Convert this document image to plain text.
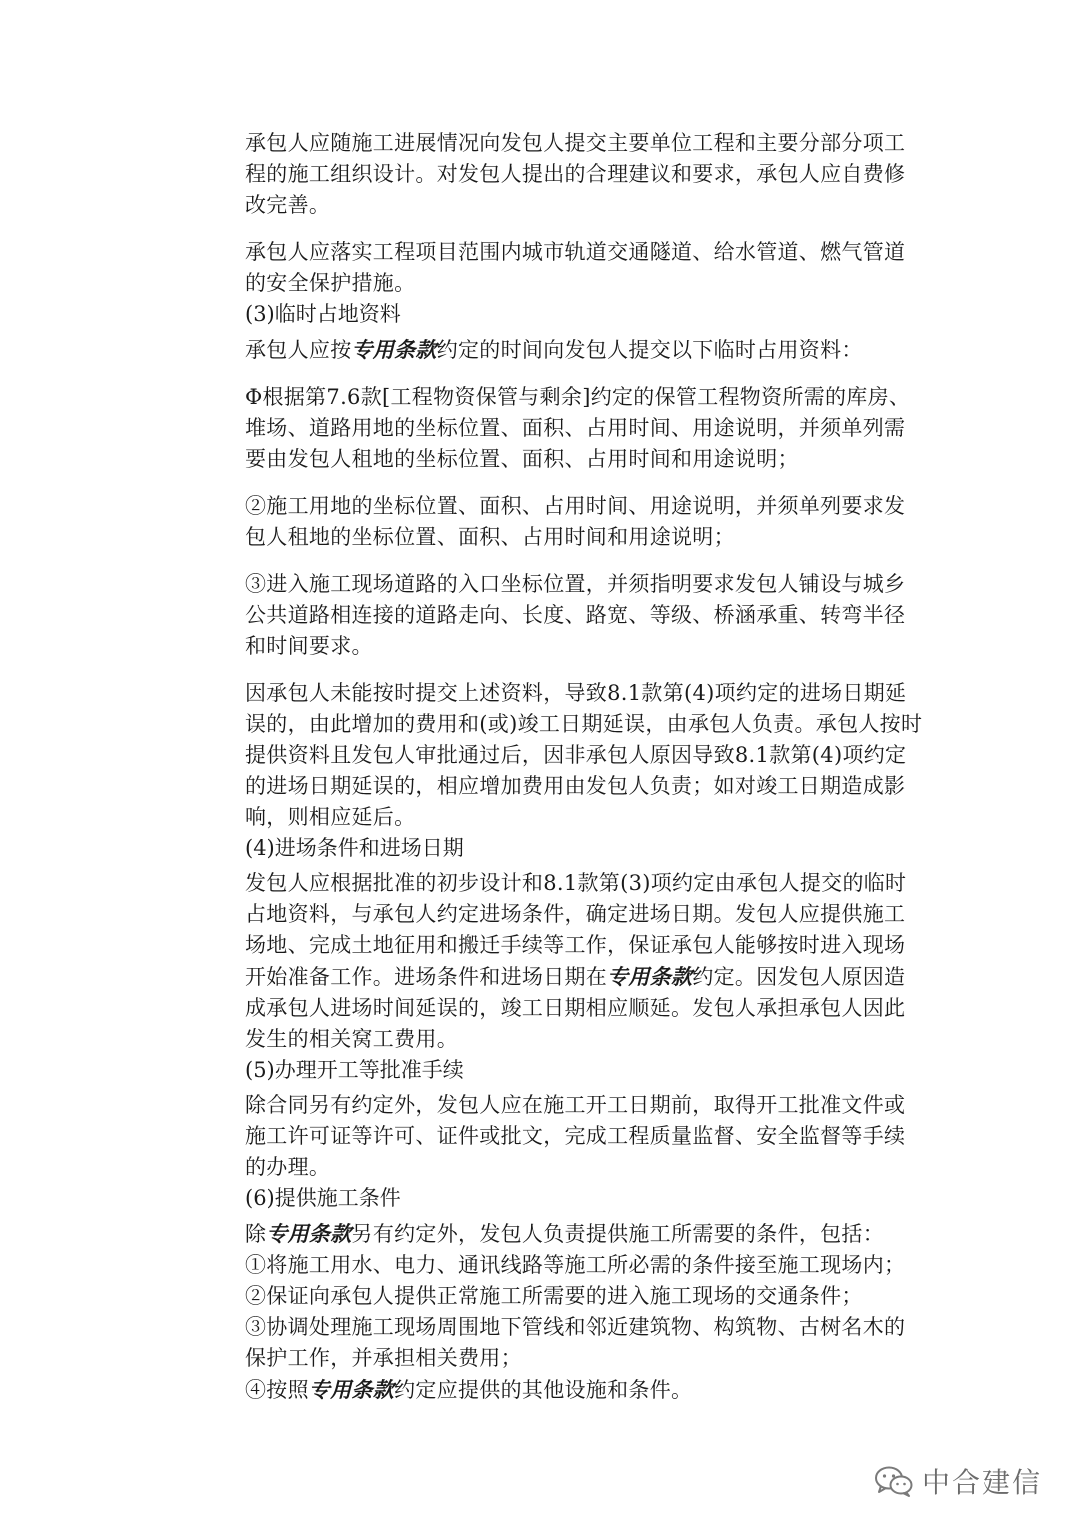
承包人应随施工进展情况向发包人提交主要单位工程和主要分部分项工程的施工组织设计。对发包人提出的合理建议和要求，承包人应自费修改完善。

承包人应落实工程项目范围内城市轨道交通隧道、给水管道、燃气管道的安全保护措施。

(3)临时占地资料

承包人应按专用条款约定的时间向发包人提交以下临时占用资料：

Φ根据第7.6款[工程物资保管与剩余]约定的保管工程物资所需的库房、堆场、道路用地的坐标位置、面积、占用时间、用途说明，并须单列需要由发包人租地的坐标位置、面积、占用时间和用途说明；

②施工用地的坐标位置、面积、占用时间、用途说明，并须单列要求发包人租地的坐标位置、面积、占用时间和用途说明；

③进入施工现场道路的入口坐标位置，并须指明要求发包人铺设与城乡公共道路相连接的道路走向、长度、路宽、等级、桥涵承重、转弯半径和时间要求。

因承包人未能按时提交上述资料，导致8.1款第(4)项约定的进场日期延误的，由此增加的费用和(或)竣工日期延误，由承包人负责。承包人按时提供资料且发包人审批通过后，因非承包人原因导致8.1款第(4)项约定的进场日期延误的，相应增加费用由发包人负责；如对竣工日期造成影响，则相应延后。

(4)进场条件和进场日期

发包人应根据批准的初步设计和8.1款第(3)项约定由承包人提交的临时占地资料，与承包人约定进场条件，确定进场日期。发包人应提供施工场地、完成土地征用和搬迁手续等工作，保证承包人能够按时进入现场开始准备工作。进场条件和进场日期在专用条款约定。因发包人原因造成承包人进场时间延误的，竣工日期相应顺延。发包人承担承包人因此发生的相关窝工费用。

(5)办理开工等批准手续

除合同另有约定外，发包人应在施工开工日期前，取得开工批准文件或施工许可证等许可、证件或批文，完成工程质量监督、安全监督等手续的办理。

(6)提供施工条件

除专用条款另有约定外，发包人负责提供施工所需要的条件，包括：

①将施工用水、电力、通讯线路等施工所必需的条件接至施工现场内；

②保证向承包人提供正常施工所需要的进入施工现场的交通条件；

③协调处理施工现场周围地下管线和邻近建筑物、构筑物、古树名木的保护工作，并承担相关费用；

④按照专用条款约定应提供的其他设施和条件。

中合建信
